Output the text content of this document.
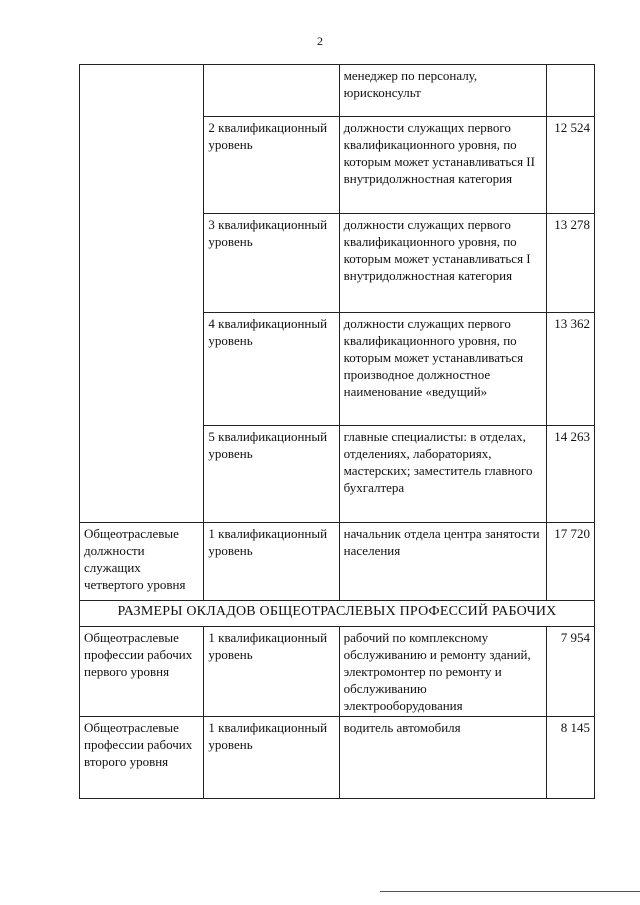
2
		менеджер по персоналу, юрисконсульт	
	2 квалификационный уровень	должности служащих первого квалификационного уровня, по которым может устанавливаться II внутридолжностная категория	12 524
	3 квалификационный уровень	должности служащих первого квалификационного уровня, по которым может устанавливаться I внутридолжностная категория	13 278
	4 квалификационный уровень	должности служащих первого квалификационного уровня, по которым может устанавливаться производное должностное наименование «ведущий»	13 362
	5 квалификационный уровень	главные специалисты: в отделах, отделениях, лабораториях, мастерских; заместитель главного бухгалтера	14 263
Общеотраслевые должности служащих четвертого уровня	1 квалификационный уровень	начальник отдела центра занятости населения	17 720
РАЗМЕРЫ ОКЛАДОВ ОБЩЕОТРАСЛЕВЫХ ПРОФЕССИЙ РАБОЧИХ			
Общеотраслевые профессии рабочих первого уровня	1 квалификационный уровень	рабочий по комплексному обслуживанию и ремонту зданий, электромонтер по ремонту и обслуживанию электрооборудования	7 954
Общеотраслевые профессии рабочих второго уровня	1 квалификационный уровень	водитель автомобиля	8 145
